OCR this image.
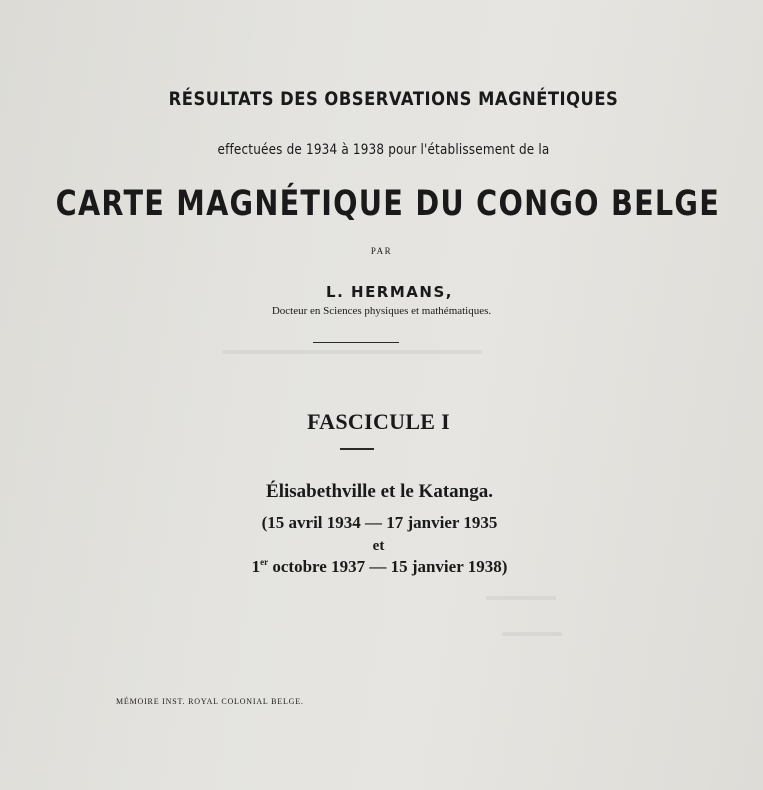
RÉSULTATS DES OBSERVATIONS MAGNÉTIQUES
effectuées de 1934 à 1938 pour l'établissement de la
CARTE MAGNÉTIQUE DU CONGO BELGE
PAR
L. HERMANS,
Docteur en Sciences physiques et mathématiques.
FASCICULE I
Élisabethville et le Katanga.
(15 avril 1934 — 17 janvier 1935
et
1er octobre 1937 — 15 janvier 1938)
MÉMOIRE INST. ROYAL COLONIAL BELGE.
